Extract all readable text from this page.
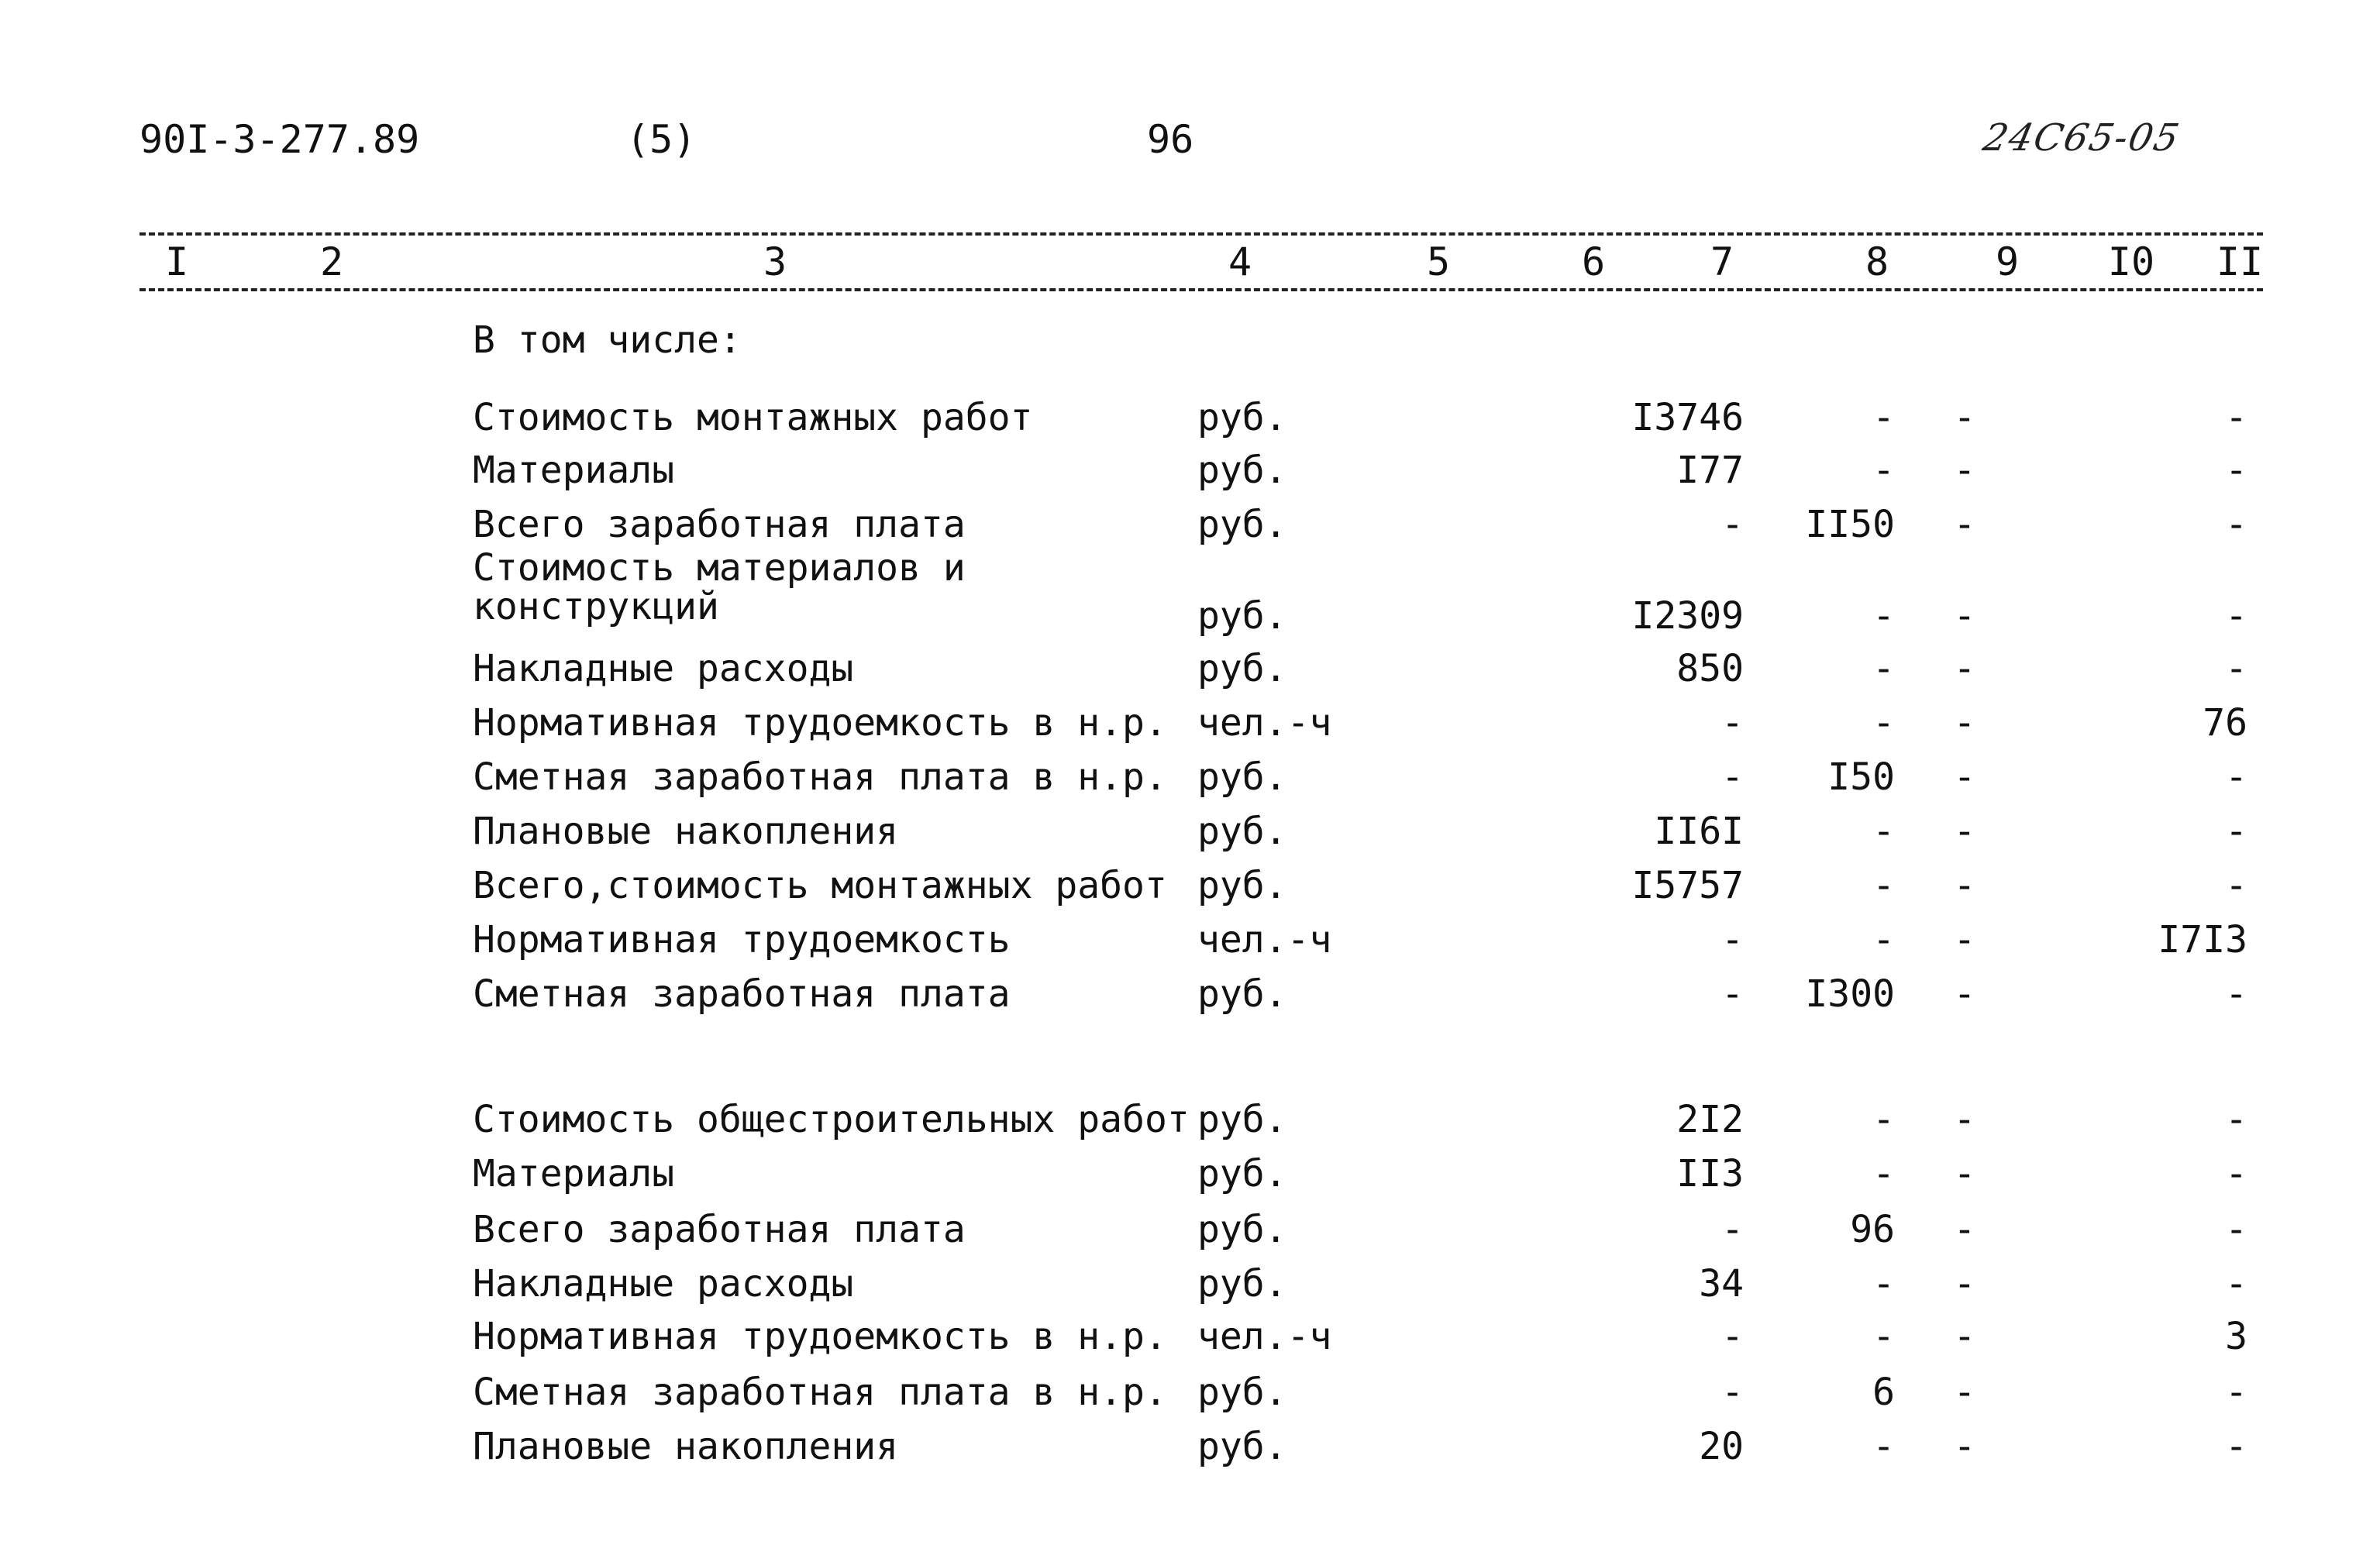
90I-3-277.89	(5)	96	24C65-05
I	2	3	4	5	6	7	8	9	I0	II
В том числе:
Стоимость монтажных работ	руб.	I3746	-	-	-
Материалы	руб.	I77	-	-	-
Всего заработная плата	руб.	-	II50	-	-
Стоимость материалов и
конструкций	руб.	I2309	-	-	-
Накладные расходы	руб.	850	-	-	-
Нормативная трудоемкость в н.р. чел.-ч	-	-	-	76
Сметная заработная плата в н.р. руб.	-	I50	-	-
Плановые накопления	руб.	II6I	-	-	-
Всего,стоимость монтажных работ руб.	I5757	-	-	-
Нормативная трудоемкость	чел.-ч	-	-	-	I7I3
Сметная заработная плата	руб.	-	I300	-	-
Стоимость общестроительных работ руб.	2I2	-	-	-
Материалы	руб.	II3	-	-	-
Всего заработная плата	руб.	-	96	-	-
Накладные расходы	руб.	34	-	-	-
Нормативная трудоемкость в н.р. чел.-ч	-	-	-	3
Сметная заработная плата в н.р. руб.	-	6	-	-
Плановые накопления	руб.	20	-	-	-
